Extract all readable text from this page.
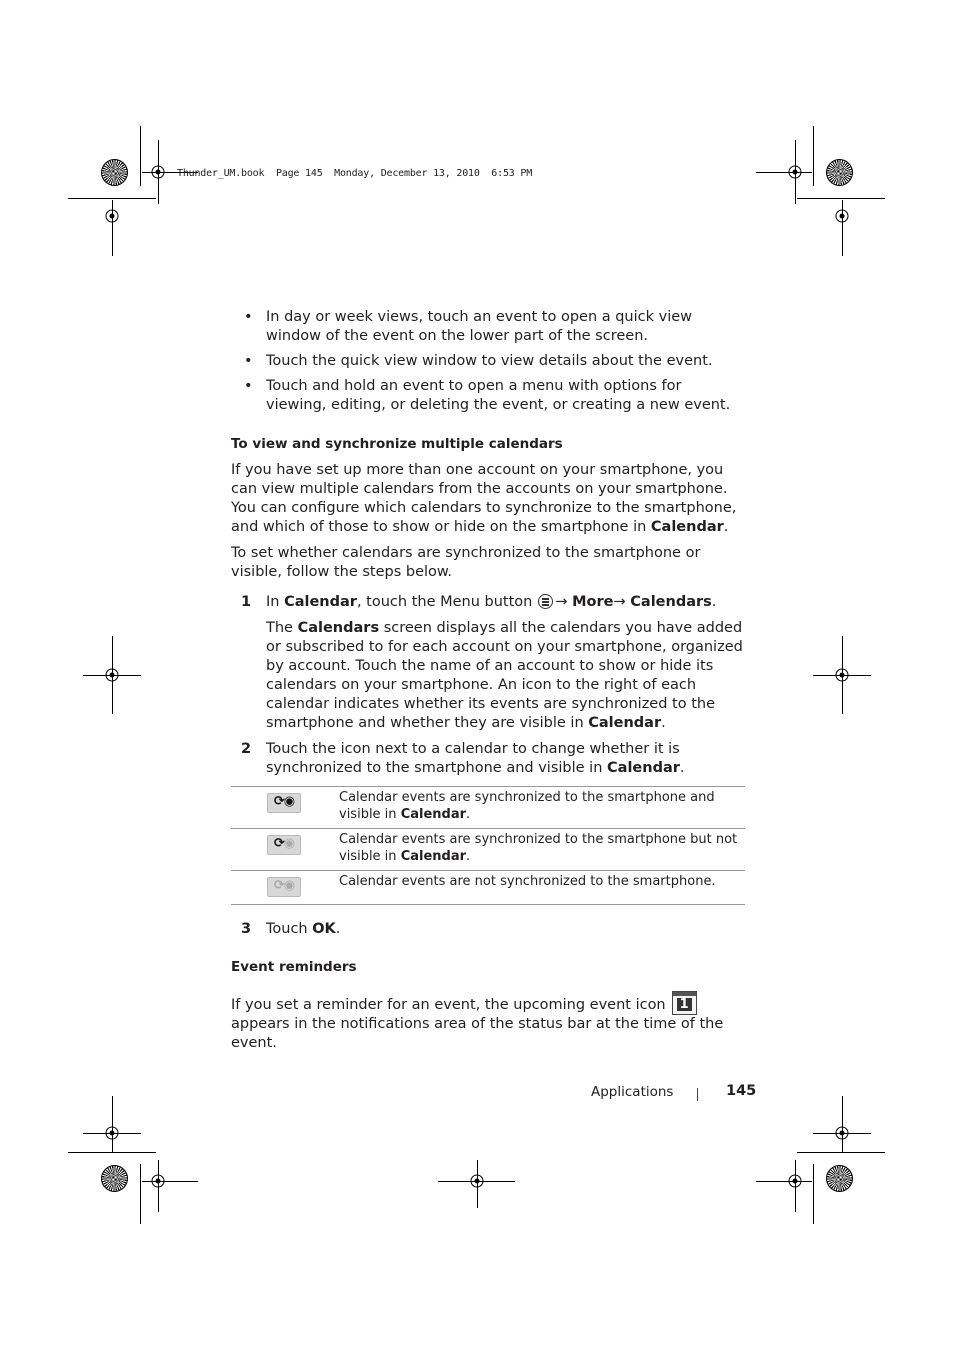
Thunder_UM.book  Page 145  Monday, December 13, 2010  6:53 PM
• In day or week views, touch an event to open a quick view window of the event on the lower part of the screen.
• Touch the quick view window to view details about the event.
• Touch and hold an event to open a menu with options for viewing, editing, or deleting the event, or creating a new event.
To view and synchronize multiple calendars
If you have set up more than one account on your smartphone, you can view multiple calendars from the accounts on your smartphone. You can configure which calendars to synchronize to the smartphone, and which of those to show or hide on the smartphone in Calendar.
To set whether calendars are synchronized to the smartphone or visible, follow the steps below.
1 In Calendar, touch the Menu button → More→ Calendars.
The Calendars screen displays all the calendars you have added or subscribed to for each account on your smartphone, organized by account. Touch the name of an account to show or hide its calendars on your smartphone. An icon to the right of each calendar indicates whether its events are synchronized to the smartphone and whether they are visible in Calendar.
2 Touch the icon next to a calendar to change whether it is synchronized to the smartphone and visible in Calendar.
⟳◉	Calendar events are synchronized to the smartphone and visible in Calendar.
⟳◉	Calendar events are synchronized to the smartphone but not visible in Calendar.
⟳◉	Calendar events are not synchronized to the smartphone.
3 Touch OK.
Event reminders
If you set a reminder for an event, the upcoming event icon 1

appears in the notifications area of the status bar at the time of the event.
Applications	145
